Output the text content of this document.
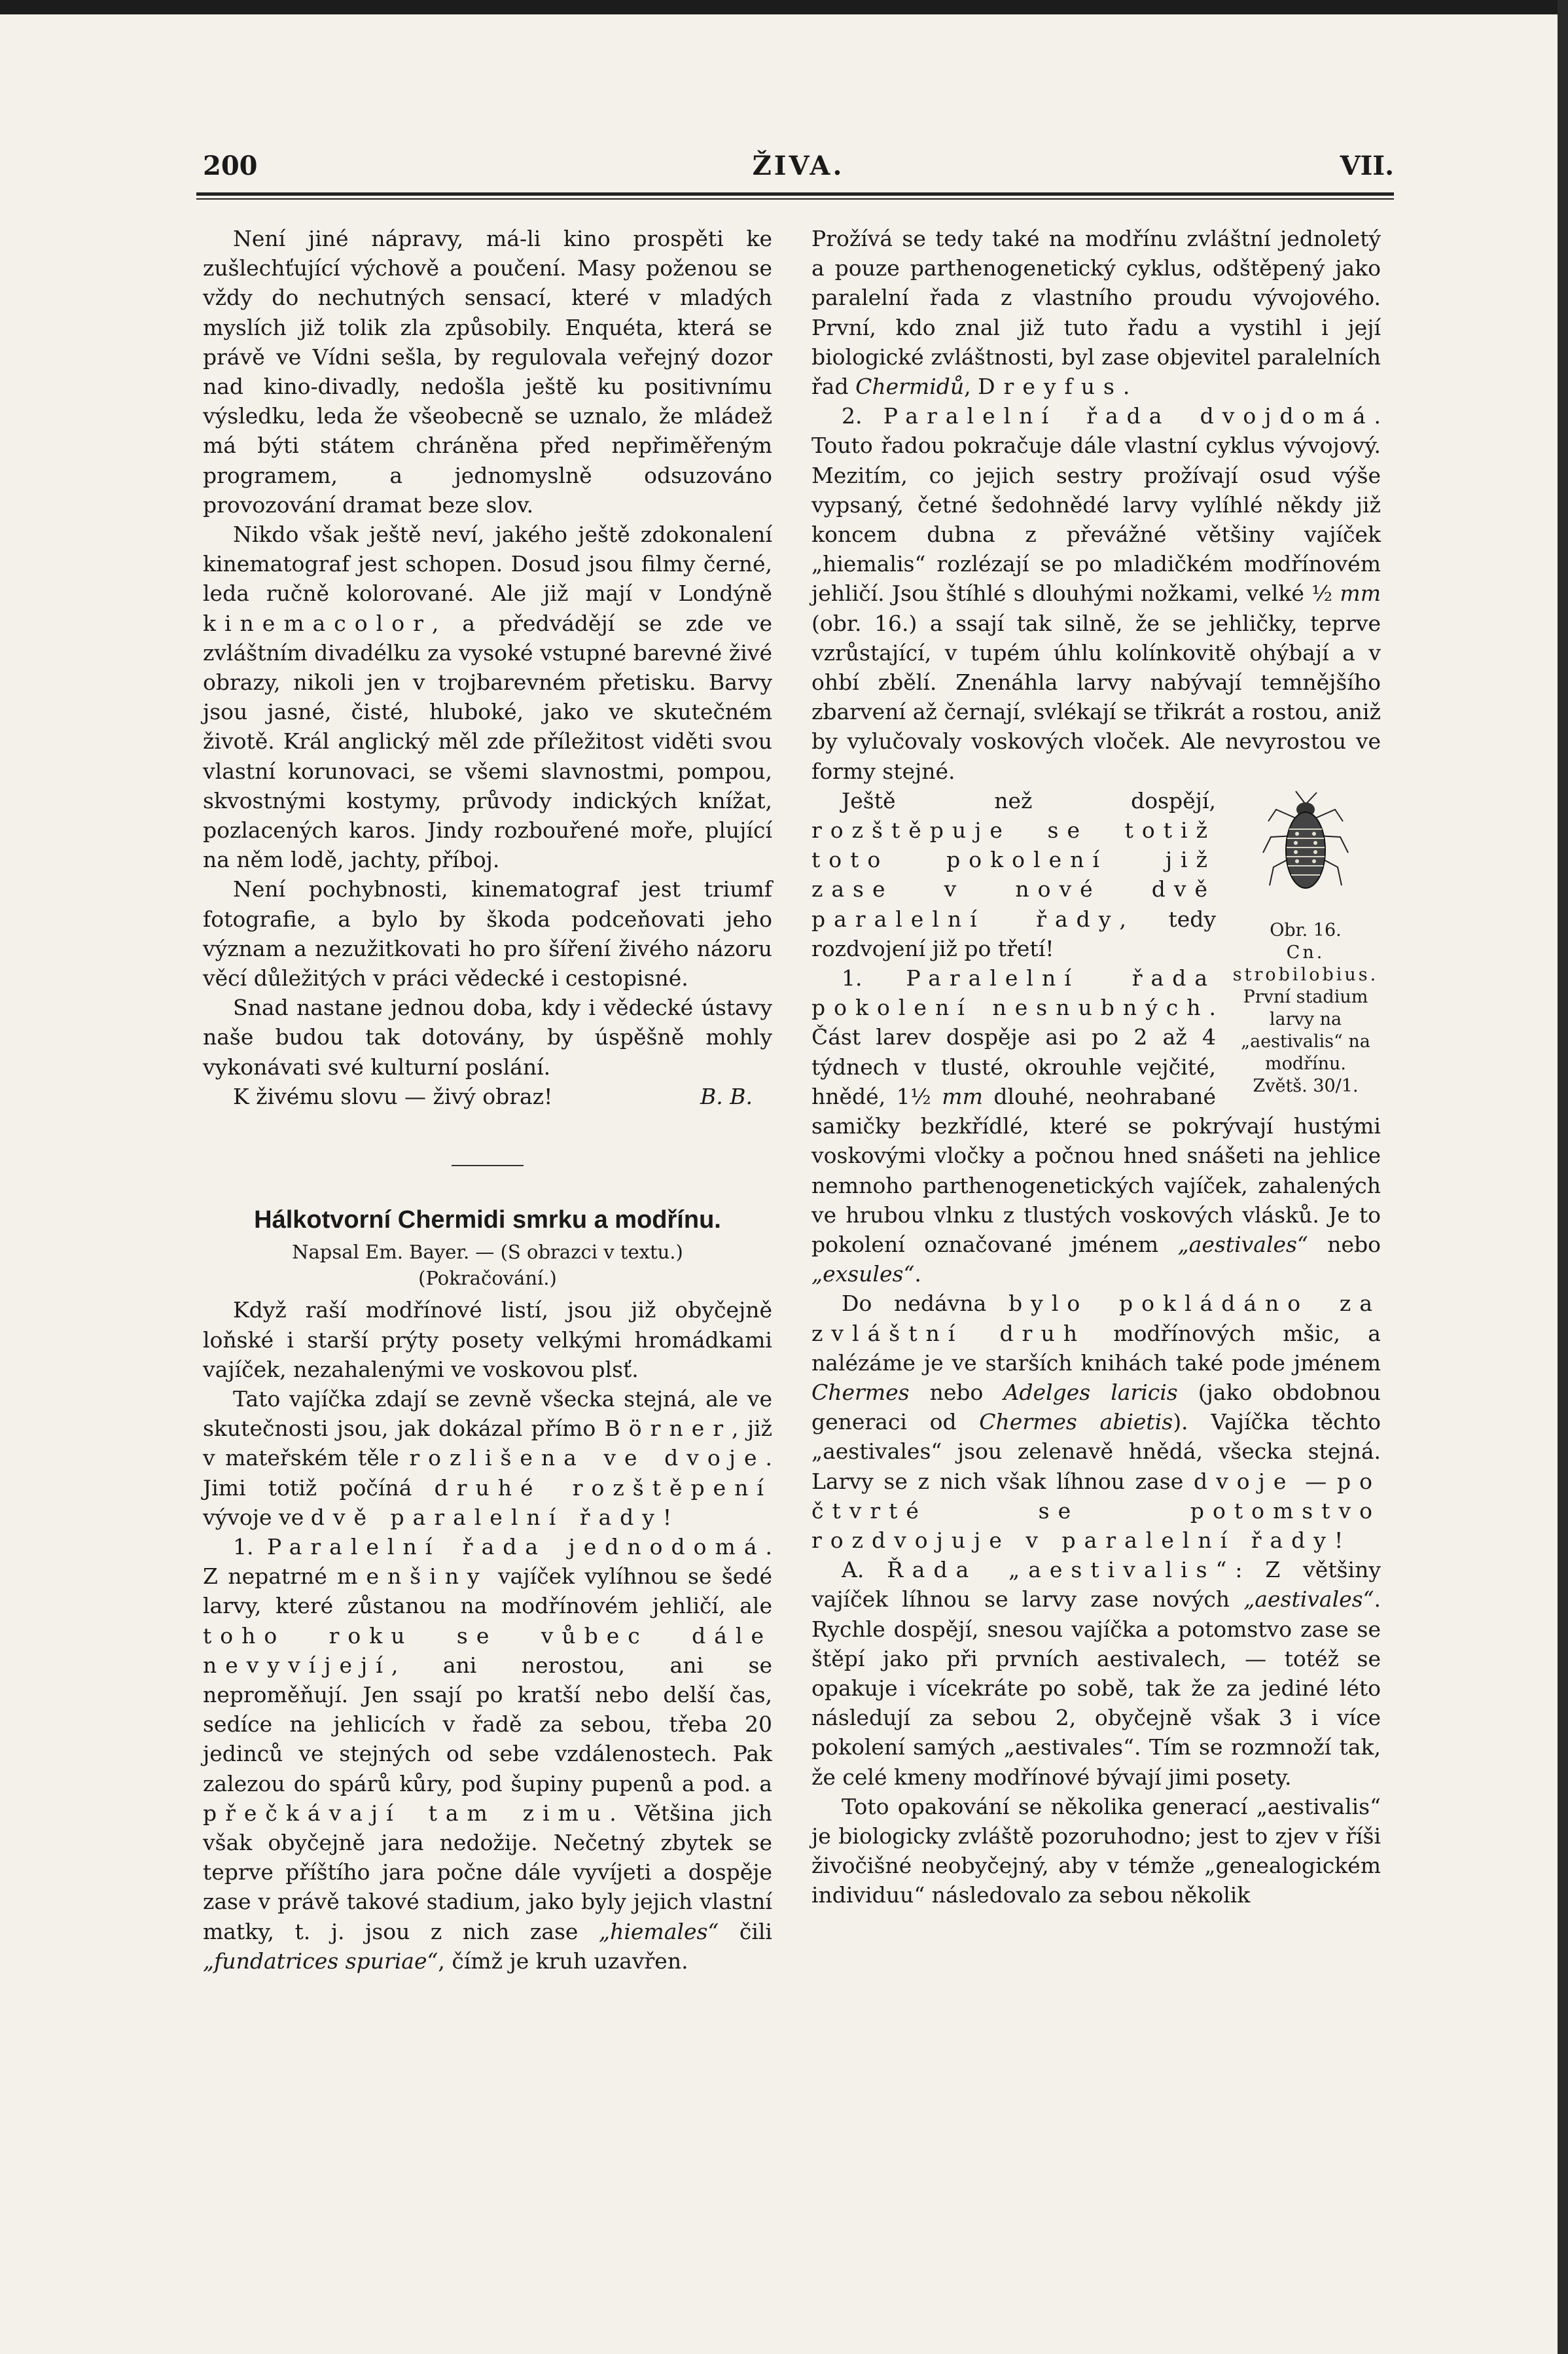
200	ŽIVA.	VII.

Není jiné nápravy, má-li kino prospěti ke zušlechťující výchově a poučení. Masy poženou se vždy do nechutných sensací, které v mladých myslích již tolik zla způsobily. Enquéta, která se právě ve Vídni sešla, by regulovala veřejný dozor nad kino-divadly, nedošla ještě ku positivnímu výsledku, leda že všeobecně se uznalo, že mládež má býti státem chráněna před nepřiměřeným programem, a jednomyslně odsuzováno provozování dramat beze slov.

Nikdo však ještě neví, jakého ještě zdokonalení kinematograf jest schopen. Dosud jsou filmy černé, leda ručně kolorované. Ale již mají v Londýně kinemacolor, a předvádějí se zde ve zvláštním divadélku za vysoké vstupné barevné živé obrazy, nikoli jen v trojbarevném přetisku. Barvy jsou jasné, čisté, hluboké, jako ve skutečném životě. Král anglický měl zde příležitost viděti svou vlastní korunovaci, se všemi slavnostmi, pompou, skvostnými kostymy, průvody indických knížat, pozlacených karos. Jindy rozbouřené moře, plující na něm lodě, jachty, příboj.

Není pochybnosti, kinematograf jest triumf fotografie, a bylo by škoda podceňovati jeho význam a nezužitkovati ho pro šíření živého názoru věcí důležitých v práci vědecké i cestopisné.

Snad nastane jednou doba, kdy i vědecké ústavy naše budou tak dotovány, by úspěšně mohly vykonávati své kulturní poslání.

K živému slovu — živý obraz!	B. B.
Hálkotvorní Chermidi smrku a modřínu.
Napsal Em. Bayer. — (S obrazci v textu.)
(Pokračování.)

Když raší modřínové listí, jsou již obyčejně loňské i starší prýty posety velkými hromádkami vajíček, nezahalenými ve voskovou plsť.

Tato vajíčka zdají se zevně všecka stejná, ale ve skutečnosti jsou, jak dokázal přímo Börner, již v mateřském těle rozlišena ve dvoje. Jimi totiž počíná druhé rozštěpení vývoje ve dvě paralelní řady!

1. Paralelní řada jednodomá. Z nepatrné menšiny vajíček vylíhnou se šedé larvy, které zůstanou na modřínovém jehličí, ale toho roku se vůbec dále nevyvíjejí, ani nerostou, ani se neproměňují. Jen ssají po kratší nebo delší čas, sedíce na jehlicích v řadě za sebou, třeba 20 jedinců ve stejných od sebe vzdálenostech. Pak zalezou do spárů kůry, pod šupiny pupenů a pod. a přečkávají tam zimu. Většina jich však obyčejně jara nedožije. Nečetný zbytek se teprve příštího jara počne dále vyvíjeti a dospěje zase v právě takové stadium, jako byly jejich vlastní matky, t. j. jsou z nich zase „hiemales“ čili „fundatrices spuriae“, čímž je kruh uzavřen.

Prožívá se tedy také na modřínu zvláštní jednoletý a pouze parthenogenetický cyklus, odštěpený jako paralelní řada z vlastního proudu vývojového. První, kdo znal již tuto řadu a vystihl i její biologické zvláštnosti, byl zase objevitel paralelních řad Chermidů, Dreyfus.

2. Paralelní řada dvojdomá. Touto řadou pokračuje dále vlastní cyklus vývojový. Mezitím, co jejich sestry prožívají osud výše vypsaný, četné šedohnědé larvy vylíhlé někdy již koncem dubna z převážné většiny vajíček „hiemalis“ rozlézají se po mladičkém modřínovém jehličí. Jsou štíhlé s dlouhými nožkami, velké ½ mm (obr. 16.) a ssají tak silně, že se jehličky, teprve vzrůstající, v tupém úhlu kolínkovitě ohýbají a v ohbí zbělí. Znenáhla larvy nabývají temnějšího zbarvení až černají, svlékají se třikrát a rostou, aniž by vylučovaly voskových vloček. Ale nevyrostou ve formy stejné.

Obr. 16.
Cn. strobilobius.
První stadium larvy na
„aestivalis“ na modřínu.
Zvětš. 30/1.

Ještě než dospějí, rozštěpuje se totiž toto pokolení již zase v nové dvě paralelní řady, tedy rozdvojení již po třetí!

1. Paralelní řada pokolení nesnubných. Část larev dospěje asi po 2 až 4 týdnech v tlusté, okrouhle vejčité, hnědé, 1½ mm dlouhé, neohrabané samičky bezkřídlé, které se pokrývají hustými voskovými vločky a počnou hned snášeti na jehlice nemnoho parthenogenetických vajíček, zahalených ve hrubou vlnku z tlustých voskových vlásků. Je to pokolení označované jménem „aestivales“ nebo „exsules“.

Do nedávna bylo pokládáno za zvláštní druh modřínových mšic, a nalézáme je ve starších knihách také pode jménem Chermes nebo Adelges laricis (jako obdobnou generaci od Chermes abietis). Vajíčka těchto „aestivales“ jsou zelenavě hnědá, všecka stejná. Larvy se z nich však líhnou zase dvoje — po čtvrté se potomstvo rozdvojuje v paralelní řady!

A. Řada „aestivalis“: Z většiny vajíček líhnou se larvy zase nových „aestivales“. Rychle dospějí, snesou vajíčka a potomstvo zase se štěpí jako při prvních aestivalech, — totéž se opakuje i vícekráte po sobě, tak že za jediné léto následují za sebou 2, obyčejně však 3 i více pokolení samých „aestivales“. Tím se rozmnoží tak, že celé kmeny modřínové bývají jimi posety.

Toto opakování se několika generací „aestivalis“ je biologicky zvláště pozoruhodno; jest to zjev v říši živočišné neobyčejný, aby v témže „genealogickém individuu“ následovalo za sebou několik
